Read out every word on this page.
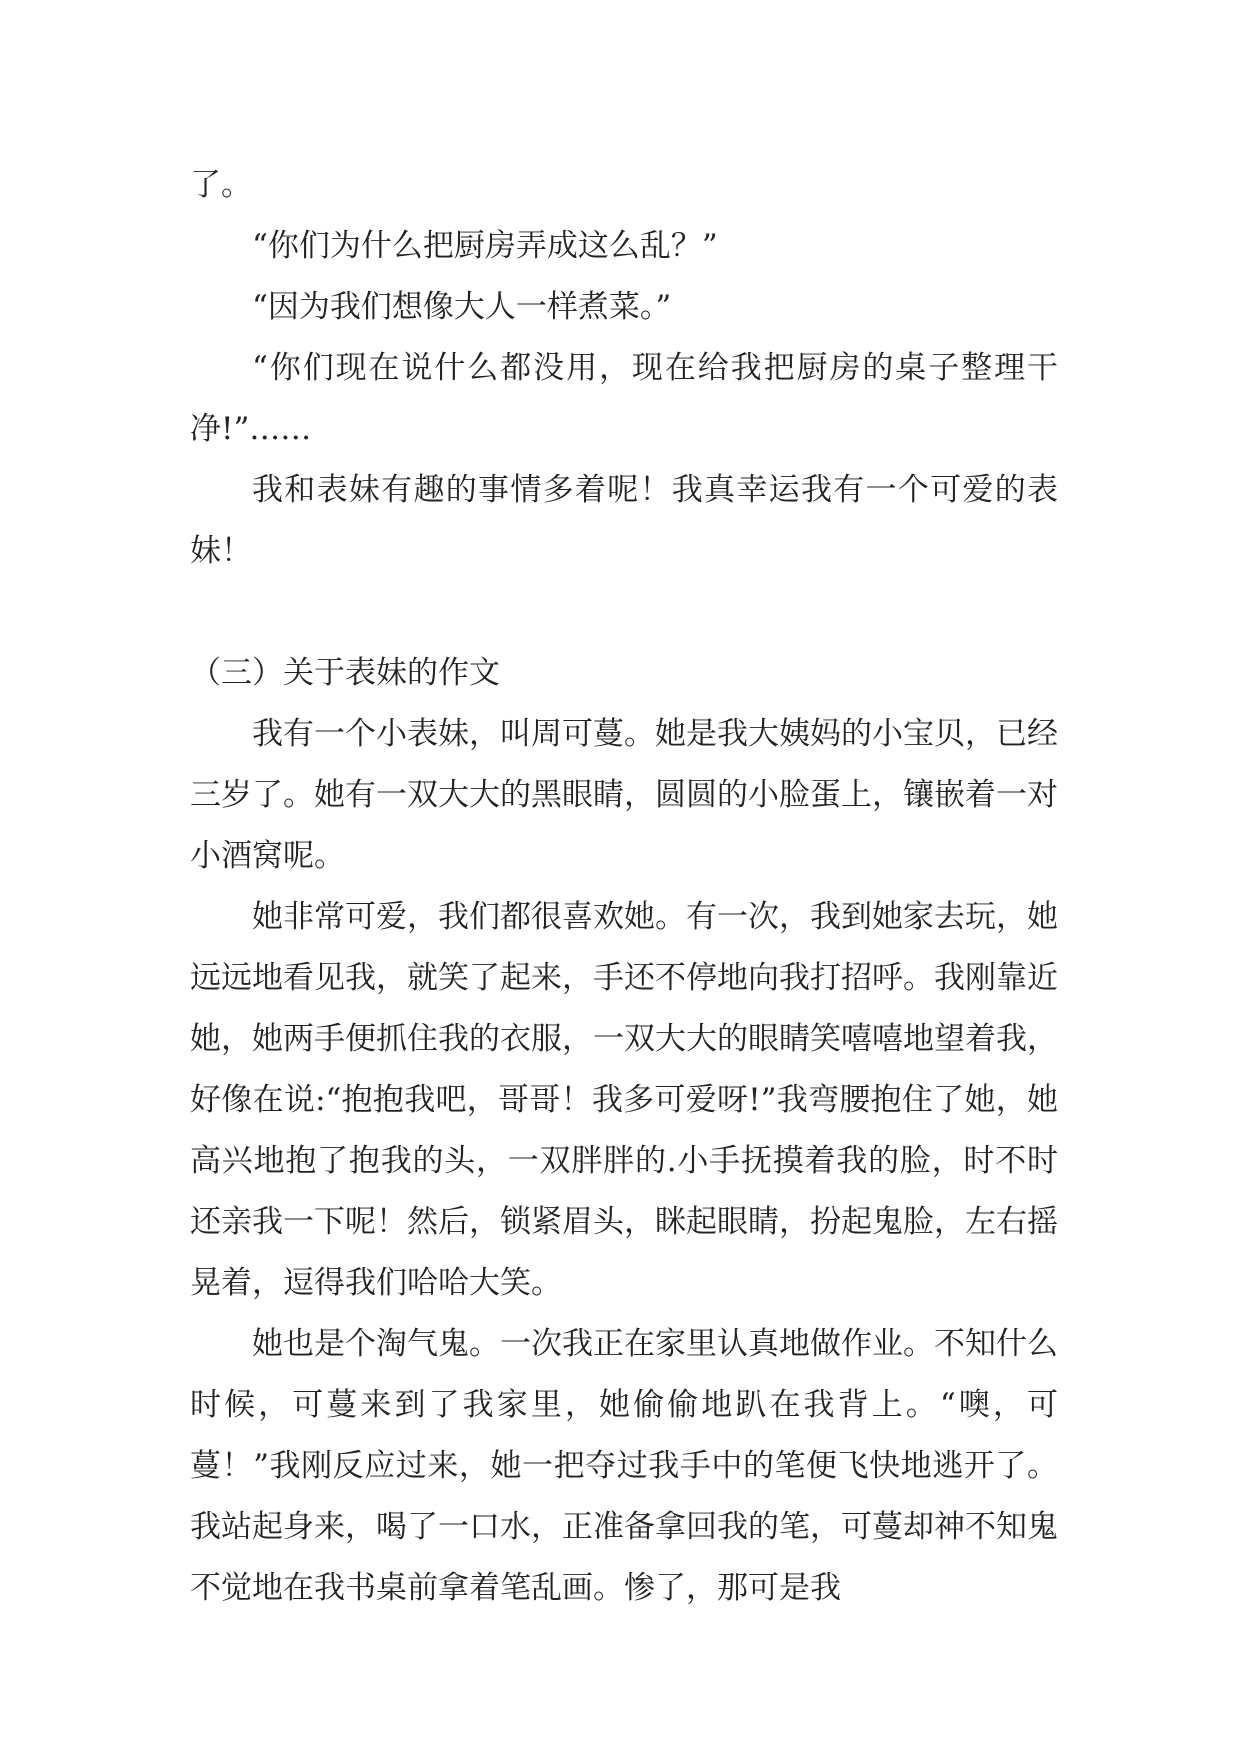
了。

“你们为什么把厨房弄成这么乱？”

“因为我们想像大人一样煮菜。”

“你们现在说什么都没用，现在给我把厨房的桌子整理干净!”……

我和表妹有趣的事情多着呢！我真幸运我有一个可爱的表妹！

（三）关于表妹的作文

我有一个小表妹，叫周可蔓。她是我大姨妈的小宝贝，已经三岁了。她有一双大大的黑眼睛，圆圆的小脸蛋上，镶嵌着一对小酒窝呢。

她非常可爱，我们都很喜欢她。有一次，我到她家去玩，她远远地看见我，就笑了起来，手还不停地向我打招呼。我刚靠近她，她两手便抓住我的衣服，一双大大的眼睛笑嘻嘻地望着我，好像在说:“抱抱我吧，哥哥！我多可爱呀!”我弯腰抱住了她，她高兴地抱了抱我的头，一双胖胖的.小手抚摸着我的脸，时不时还亲我一下呢！然后，锁紧眉头，眯起眼睛，扮起鬼脸，左右摇晃着，逗得我们哈哈大笑。

她也是个淘气鬼。一次我正在家里认真地做作业。不知什么时候，可蔓来到了我家里，她偷偷地趴在我背上。“噢，可蔓！”我刚反应过来，她一把夺过我手中的笔便飞快地逃开了。我站起身来，喝了一口水，正准备拿回我的笔，可蔓却神不知鬼不觉地在我书桌前拿着笔乱画。惨了，那可是我
